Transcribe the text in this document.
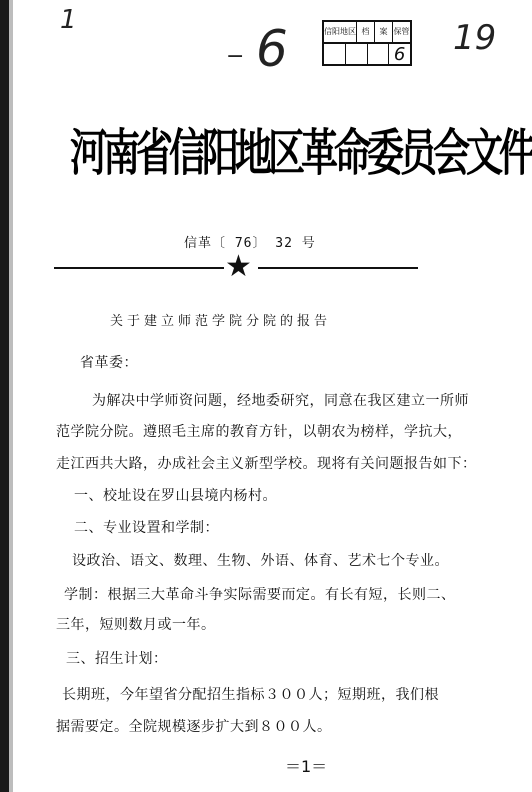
1
− 6	19
信阳地区 档	案 保管
6
河南省信阳地区革命委员会文件
信革〔 76〕 32 号
★
关于建立师范学院分院的报告
省革委：
为解决中学师资问题，经地委研究，同意在我区建立一所师
范学院分院。遵照毛主席的教育方针，以朝农为榜样，学抗大，
走江西共大路，办成社会主义新型学校。现将有关问题报告如下：
一、校址设在罗山县境内杨村。
二、专业设置和学制：
设政治、语文、数理、生物、外语、体育、艺术七个专业。
学制：根据三大革命斗争实际需要而定。有长有短，长则二、
三年，短则数月或一年。
三、招生计划：
长期班，今年望省分配招生指标３００人；短期班，我们根
据需要定。全院规模逐步扩大到８００人。
＝1＝
